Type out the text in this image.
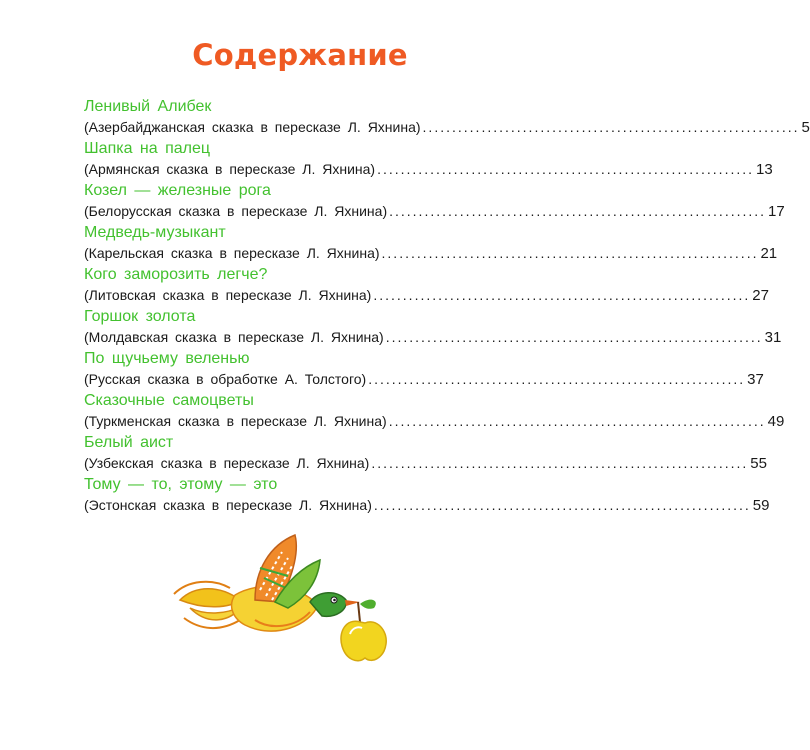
Содержание
Ленивый Алибек
(Азербайджанская сказка в пересказе Л. Яхнина) ................................................................ 5
Шапка на палец
(Армянская сказка в пересказе Л. Яхнина) ................................................................ 13
Козел — железные рога
(Белорусская сказка в пересказе Л. Яхнина) ................................................................ 17
Медведь-музыкант
(Карельская сказка в пересказе Л. Яхнина) ................................................................ 21
Кого заморозить легче?
(Литовская сказка в пересказе Л. Яхнина) ................................................................ 27
Горшок золота
(Молдавская сказка в пересказе Л. Яхнина) ................................................................ 31
По щучьему веленью
(Русская сказка в обработке А. Толстого) ................................................................ 37
Сказочные самоцветы
(Туркменская сказка в пересказе Л. Яхнина) ................................................................ 49
Белый аист
(Узбекская сказка в пересказе Л. Яхнина) ................................................................ 55
Тому — то, этому — это
(Эстонская сказка в пересказе Л. Яхнина) ................................................................ 59
